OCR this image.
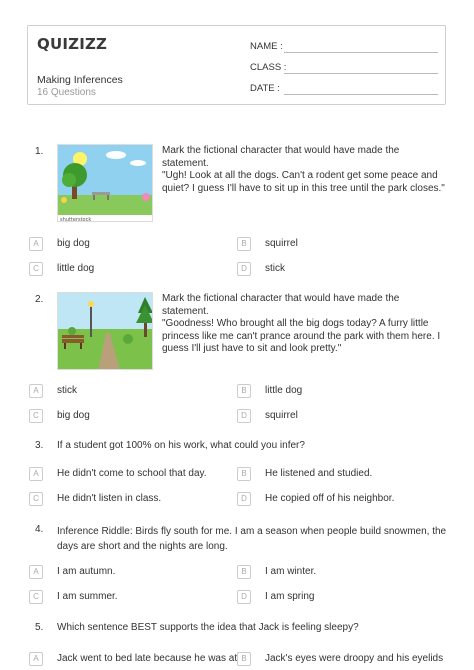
QUIZIZZ
Making Inferences
16 Questions
NAME :
CLASS :
DATE :
1.
shutterstock
Mark the fictional character that would have made the
statement.
"Ugh! Look at all the dogs. Can't a rodent get some peace and
quiet? I guess I'll have to sit up in this tree until the park closes."
A	big dog	B	squirrel
C	little dog	D	stick
2.	Mark the fictional character that would have made the
statement.
"Goodness! Who brought all the big dogs today? A furry little
princess like me can't prance around the park with them here. I
guess I'll just have to sit and look pretty."
A	stick	B	little dog
C	big dog	D	squirrel
3. If a student got 100% on his work, what could you infer?
A	He didn't come to school that day.	B	He listened and studied.
C	He didn't listen in class.	D	He copied off of his neighbor.
4. Inference Riddle: Birds fly south for me. I am a season when people build snowmen, the
days are short and the nights are long.
A	I am autumn.	B	I am winter.
C	I am summer.	D	I am spring
5. Which sentence BEST supports the idea that Jack is feeling sleepy?
A	Jack went to bed late because he was at B	Jack's eyes were droopy and his eyelids
